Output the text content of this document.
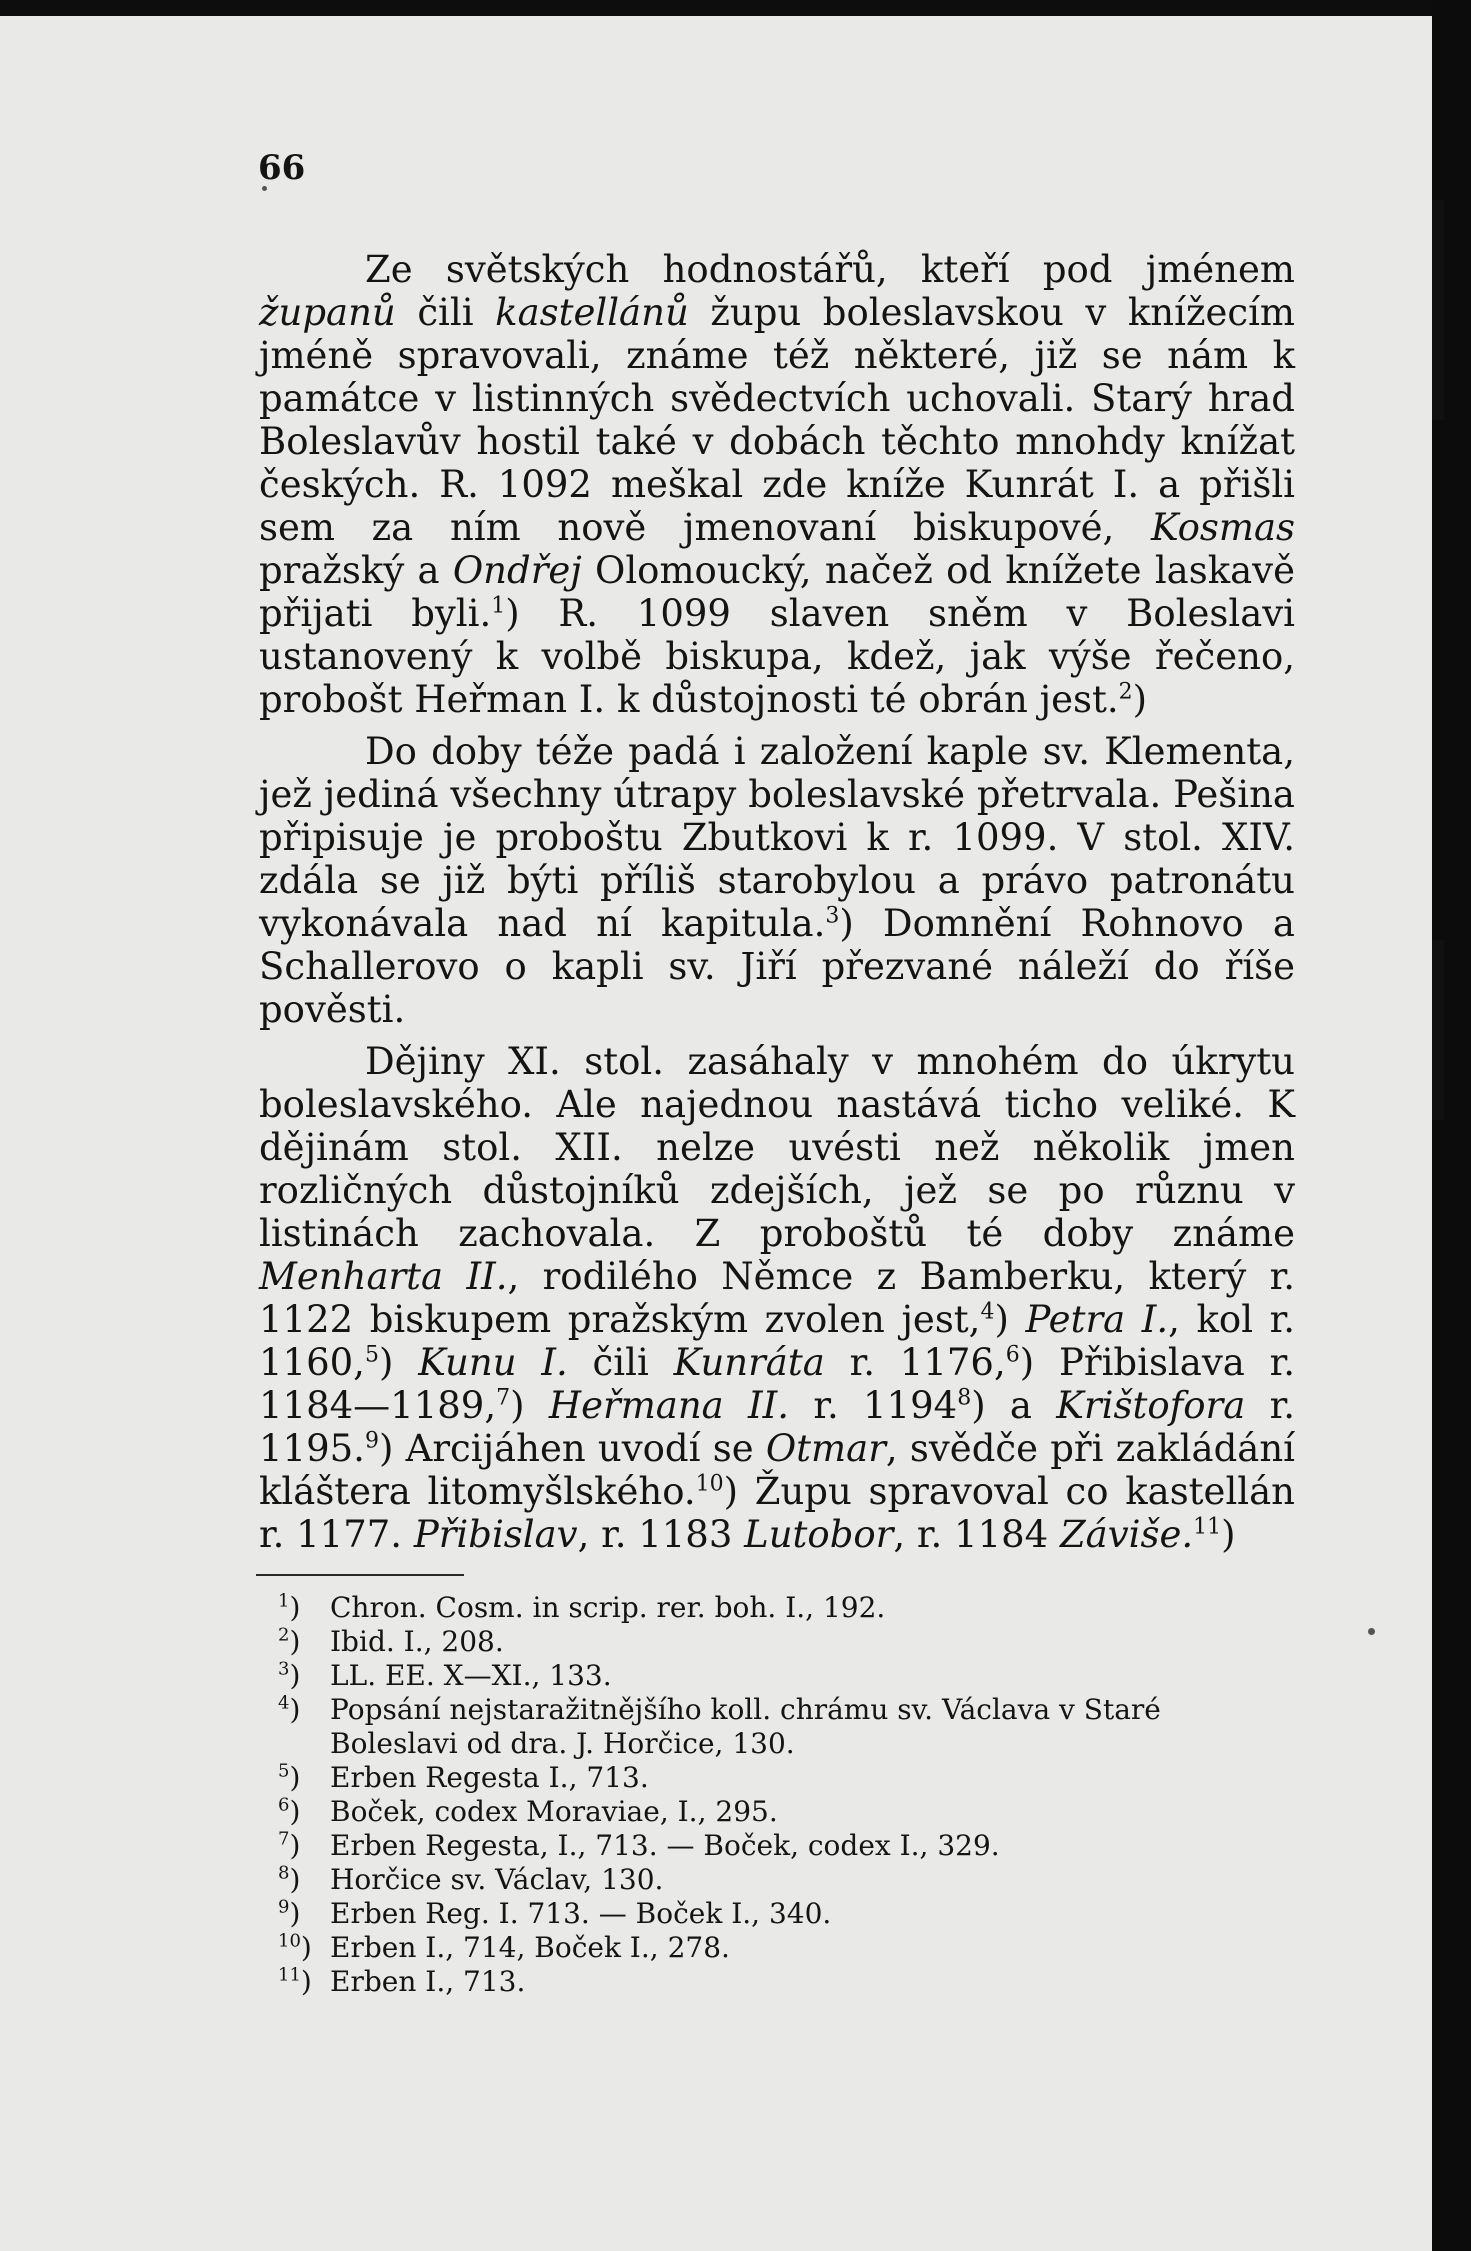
66

Ze světských hodnostářů, kteří pod jménem županů čili kastellánů župu boleslavskou v knížecím jméně spravovali, známe též některé, již se nám k památce v listinných svědectvích uchovali. Starý hrad Boleslavův hostil také v dobách těchto mnohdy knížat českých. R. 1092 meškal zde kníže Kunrát I. a přišli sem za ním nově jmenovaní biskupové, Kosmas pražský a Ondřej Olomoucký, načež od knížete laskavě přijati byli.$^1$) R. 1099 slaven sněm v Boleslavi ustanovený k volbě biskupa, kdež, jak výše řečeno, probošt Heřman I. k důstojnosti té obrán jest.$^2$)

Do doby téže padá i založení kaple sv. Klementa, jež jediná všechny útrapy boleslavské přetrvala. Pešina připisuje je proboštu Zbutkovi k r. 1099. V stol. XIV. zdála se již býti příliš starobylou a právo patronátu vykonávala nad ní kapitula.$^3$) Domnění Rohnovo a Schallerovo o kapli sv. Jiří přezvané náleží do říše pověsti.

Dějiny XI. stol. zasáhaly v mnohém do úkrytu boleslavského. Ale najednou nastává ticho veliké. K dějinám stol. XII. nelze uvésti než několik jmen rozličných důstojníků zdejších, jež se po různu v listinách zachovala. Z proboštů té doby známe Menharta II., rodilého Němce z Bamberku, který r. 1122 biskupem pražským zvolen jest,$^4$) Petra I., kol r. 1160,$^5$) Kunu I. čili Kunráta r. 1176,$^6$) Přibislava r. 1184—1189,$^7$) Heřmana II. r. 1194$^8$) a Krištofora r. 1195.$^9$) Arcijáhen uvodí se Otmar, svědče při zakládání kláštera litomyšlského.$^{10}$) Župu spravoval co kastellán r. 1177. Přibislav, r. 1183 Lutobor, r. 1184 Záviše.$^{11}$)

$^1$) Chron. Cosm. in scrip. rer. boh. I., 192.
$^2$) Ibid. I., 208.
$^3$) LL. EE. X—XI., 133.
$^4$) Popsání nejstaražitnějšího koll. chrámu sv. Václava v Staré Boleslavi od dra. J. Horčice, 130.
$^5$) Erben Regesta I., 713.
$^6$) Boček, codex Moraviae, I., 295.
$^7$) Erben Regesta, I., 713. — Boček, codex I., 329.
$^8$) Horčice sv. Václav, 130.
$^9$) Erben Reg. I. 713. — Boček I., 340.
$^{10}$) Erben I., 714, Boček I., 278.
$^{11}$) Erben I., 713.
